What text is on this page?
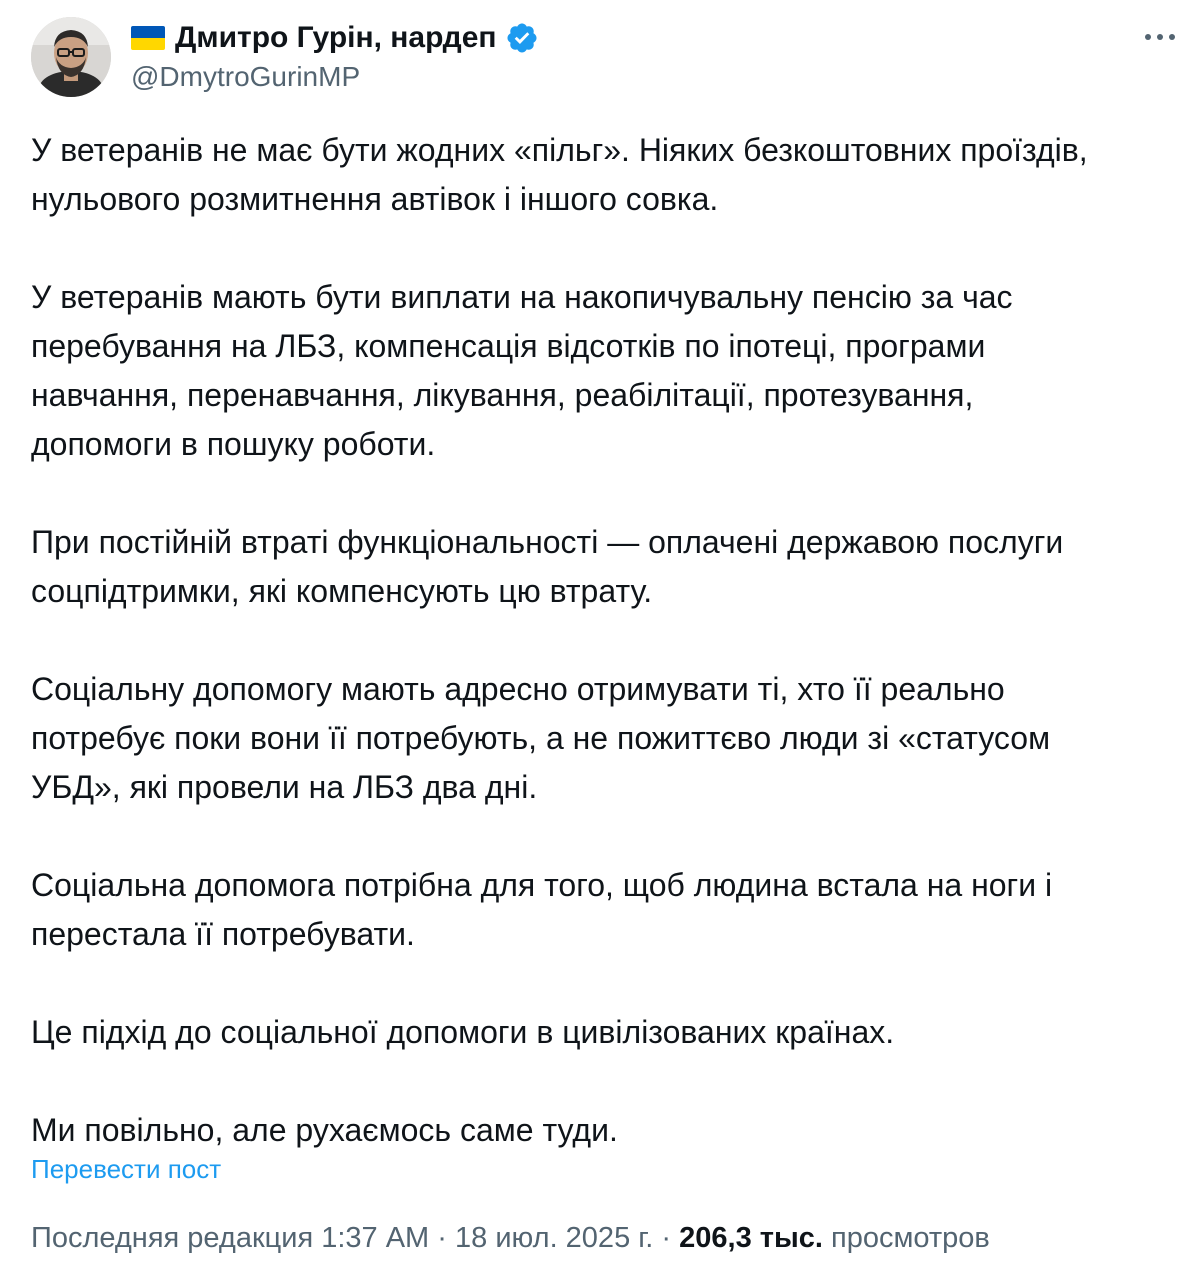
Дмитро Гурін, нардеп
@DmytroGurinMP

У ветеранів не має бути жодних «пільг». Ніяких безкоштовних проїздів,
нульового розмитнення автівок і іншого совка.

У ветеранів мають бути виплати на накопичувальну пенсію за час
перебування на ЛБЗ, компенсація відсотків по іпотеці, програми
навчання, перенавчання, лікування, реабілітації, протезування,
допомоги в пошуку роботи.

При постійній втраті функціональності — оплачені державою послуги
соцпідтримки, які компенсують цю втрату.

Соціальну допомогу мають адресно отримувати ті, хто її реально
потребує поки вони її потребують, а не пожиттєво люди зі «статусом
УБД», які провели на ЛБЗ два дні.

Соціальна допомога потрібна для того, щоб людина встала на ноги і
перестала її потребувати.

Це підхід до соціальної допомоги в цивілізованих країнах.

Ми повільно, але рухаємось саме туди.

Перевести пост
Последняя редакция 1:37 AM · 18 июл. 2025 г. · 206,3 тыс. просмотров
